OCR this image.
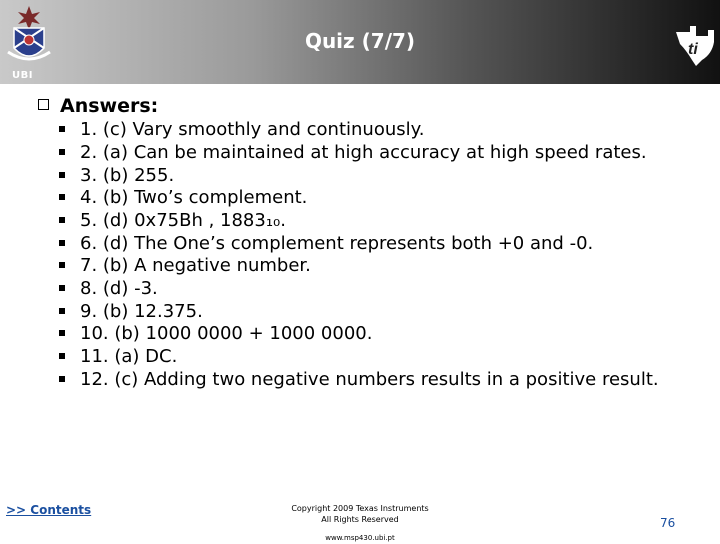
UBI
Quiz (7/7)	ti
Answers:
1. (c) Vary smoothly and continuously.
2. (a) Can be maintained at high accuracy at high speed rates.
3. (b) 255.
4. (b) Two’s complement.
5. (d) 0x75Bh , 1883₁₀.
6. (d) The One’s complement represents both +0 and -0.
7. (b) A negative number.
8. (d) -3.
9. (b) 12.375.
10. (b) 1000 0000 + 1000 0000.
11. (a) DC.
12. (c) Adding two negative numbers results in a positive result.
>> Contents	Copyright 2009 Texas Instruments
All Rights Reserved
www.msp430.ubi.pt
76
